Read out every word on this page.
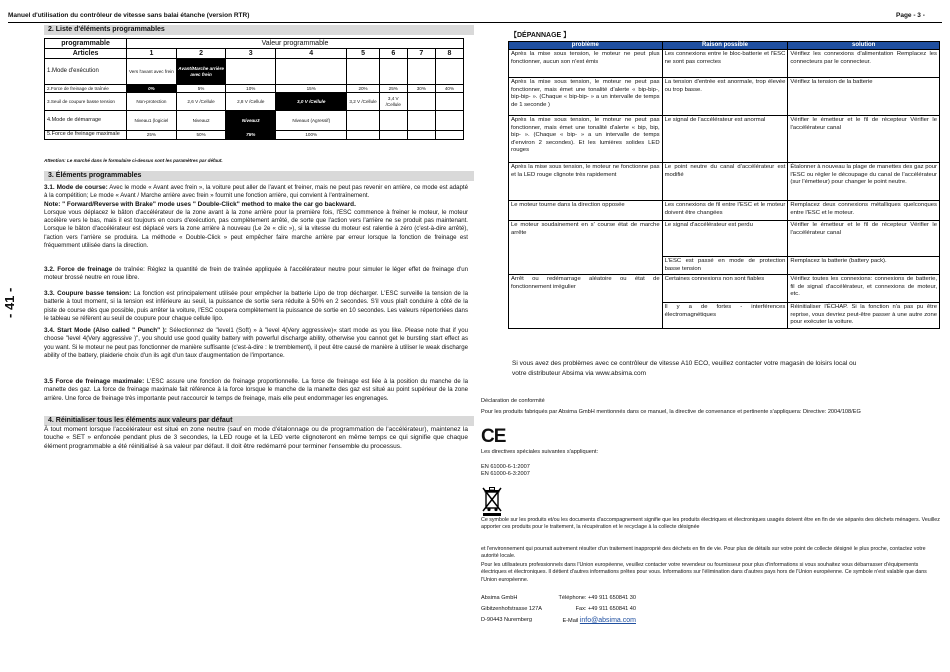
Manuel d'utilisation du contrôleur de vitesse sans balai étanche (version RTR)	Page - 3 -
- 41 -
2. Liste d'éléments programmables
programmable	Valeur programmable							
Articles	1	2	3	4	5	6	7	8
1.Mode d'exécution	Vers l'avant avec frein	Avant/Marche arrière avec frein						
2.Force de freinage de traînée	0%	5%	10%	15%	20%	25%	30%	40%
3.Seuil de coupure basse tension	Non-protection	2,6 V /Cellule	2,8 V /Cellule	3,0 V /Cellule	3,2 V /Cellule	3,4 V /Cellule		
4.Mode de démarrage	Niveau1 (logiciel	Niveau2	Niveau3	Niveau4 (Agressif)				
5.Force de freinage maximale	25%	50%	75%	100%				
Attention: Le marché dans le formulaire ci-dessus sont les paramètres par défaut.
3. Éléments programmables
3.1. Mode de course: Avec le mode « Avant avec frein », la voiture peut aller de l'avant et freiner, mais ne peut pas revenir en arrière, ce mode est adapté à la compétition; Le mode « Avant / Marche arrière avec frein » fournit une fonction arrière, qui convient à l'entraînement.
Note: " Forward/Reverse with Brake" mode uses " Double-Click" method to make the car go backward.
Lorsque vous déplacez le bâton d'accélérateur de la zone avant à la zone arrière pour la première fois, l'ESC commence à freiner le moteur, le moteur accélère vers le bas, mais il est toujours en cours d'exécution, pas complètement arrêté, de sorte que l'action vers l'arrière ne se produit pas maintenant. Lorsque le bâton d'accélérateur est déplacé vers la zone arrière à nouveau (Le 2e « clic »), si la vitesse du moteur est ralentie à zéro (c'est-à-dire arrêté), l'action vers l'arrière se produira. La méthode « Double-Click » peut empêcher faire marche arrière par erreur lorsque la fonction de freinage est fréquemment utilisée dans la direction.
3.2. Force de freinage de traînée: Réglez la quantité de frein de traînée appliquée à l'accélérateur neutre pour simuler le léger effet de freinage d'un moteur brossé neutre en roue libre.
3.3. Coupure basse tension: La fonction est principalement utilisée pour empêcher la batterie Lipo de trop décharger. L'ESC surveille la tension de la batterie à tout moment, si la tension est inférieure au seuil, la puissance de sortie sera réduite à 50% en 2 secondes. S'il vous plaît conduire à côté de la piste de course dès que possible, puis arrêter la voiture, l'ESC coupera complètement la puissance de sortie en 10 secondes. Les valeurs répertoriées dans le tableau se réfèrent au seuil de coupure pour chaque cellule lipo.
3.4. Start Mode (Also called " Punch" ): Sélectionnez de "level1 (Soft) » à "level 4(Very aggressive)« start mode as you like. Please note that if you choose "level 4(Very aggressive )", you should use good quality battery with powerful discharge ability, otherwise you cannot get le bursting start effect as you want. Si le moteur ne peut pas fonctionner de manière suffisante (c'est-à-dire : le tremblement), il peut être causé de manière à utiliser le weak discharge ability of the battery, plaiderie choix d'un ils agit d'un taux d'augmentation de l'importance.
3.5 Force de freinage maximale: L'ESC assure une fonction de freinage proportionnelle. La force de freinage est liée à la position du manche de la manette des gaz. La force de freinage maximale fait référence à la force lorsque le manche de la manette des gaz est situé au point supérieur de la zone arrière. Une force de freinage très importante peut raccourcir le temps de freinage, mais elle peut endommager les engrenages.
4. Réinitialiser tous les éléments aux valeurs par défaut
À tout moment lorsque l'accélérateur est situé en zone neutre (sauf en mode d'étalonnage ou de programmation de l'accélérateur), maintenez la touche « SET » enfoncée pendant plus de 3 secondes, la LED rouge et la LED verte clignoteront en même temps ce qui signifie que chaque élément programmable a été réinitialisé à sa valeur par défaut. Il doit être redémarré pour terminer l'ensemble du processus.
【DÉPANNAGE 】
problème	Raison possible	solution
Après la mise sous tension, le moteur ne peut plus fonctionner, aucun son n'est émis	Les connexions entre le bloc-batterie et l'ESC ne sont pas correctes	Vérifiez les connexions d'alimentation Remplacez les connecteurs par le connecteur.
Après la mise sous tension, le moteur ne peut pas fonctionner, mais émet une tonalité d'alerte « bip-bip-, bip-bip- ». (Chaque « bip-bip- » a un intervalle de temps de 1 seconde )	La tension d'entrée est anormale, trop élevée ou trop basse.	Vérifiez la tension de la batterie
Après la mise sous tension, le moteur ne peut pas fonctionner, mais émet une tonalité d'alerte « bip, bip, bip- ». (Chaque « bip- » a un intervalle de temps d'environ 2 secondes). Et les lumières solides LED rouges	Le signal de l'accélérateur est anormal	Vérifier le émetteur et le fil de récepteur Vérifier le l'accélérateur canal
Après la mise sous tension, le moteur ne fonctionne pas et la LED rouge clignote très rapidement	Le point neutre du canal d'accélérateur est modifié	Étalonner à nouveau la plage de manettes des gaz pour l'ESC ou régler le découpage du canal de l'accélérateur (sur l'émetteur) pour changer le point neutre.
Le moteur tourne dans la direction opposée	Les connexions de fil entre l'ESC et le moteur doivent être changées	Remplacez deux connexions métalliques quelconques entre l'ESC et le moteur.
Le moteur soudainement en s' course état de marche arrête	Le signal d'accélérateur est perdu	Vérifier le émetteur et le fil de récepteur Vérifier le l'accélérateur canal
	L'ESC est passé en mode de protection basse tension	Remplacez la batterie (battery pack).
Arrêt ou redémarrage aléatoire ou état de fonctionnement irrégulier	Certaines connexions non sont fiables	Vérifiez toutes les connexions: connexions de batterie, fil de signal d'accélérateur, et connexions de moteur, etc.
	Il y a de fortes - interférences électromagnétiques	Réinitialiser l'ÉCHAP. Si la fonction n'a pas pu être reprise, vous devriez peut-être passer à une autre zone pour exécuter la voiture.
Si vous avez des problèmes avec ce contrôleur de vitesse A10 ECO, veuillez contacter votre magasin de loisirs local ou
votre distributeur Absima via www.absima.com
Déclaration de conformité
Pour les produits fabriqués par Absima GmbH mentionnés dans ce manuel, la directive de convenance et pertinente s'appliquera: Directive: 2004/108/EG
CE
Les directives spéciales suivantes s'appliquent:
EN 61000-6-1:2007
EN 61000-6-3:2007
Ce symbole sur les produits et/ou les documents d'accompagnement signifie que les produits électriques et électroniques usagés doivent être en fin de vie séparés des déchets ménagers. Veuillez apporter ces produits pour le traitement, la récupération et le recyclage à la collecte désignée
et l'environnement qui pourrait autrement résulter d'un traitement inapproprié des déchets en fin de vie. Pour plus de détails sur votre point de collecte désigné le plus proche, contactez votre autorité locale.
Pour les utilisateurs professionnels dans l'Union européenne, veuillez contacter votre revendeur ou fournisseur pour plus d'informations si vous souhaitez vous débarrasser d'équipements électriques et électroniques. Il détient d'autres informations prêtes pour vous. Informations sur l'élimination dans d'autres pays hors de l'Union européenne. Ce symbole n'est valable que dans l'Union européenne.
Absima GmbH
Gibitzenhofstrasse 127A
D-90443 Nuremberg
Téléphone: +49 911 650841 30
Fax: +49 911 650841 40
E-Mail info@absima.com
